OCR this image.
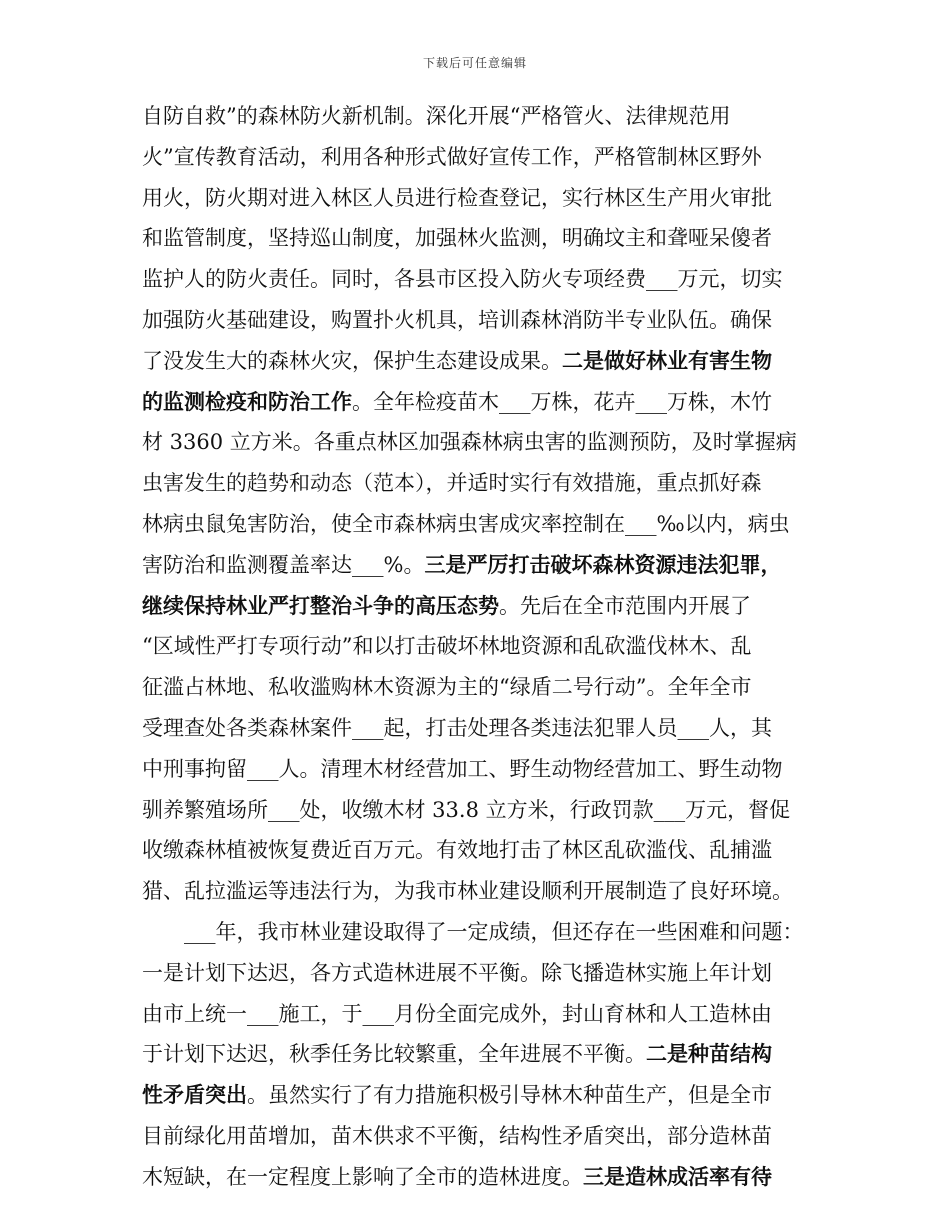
下载后可任意编辑
自防自救”的森林防火新机制。深化开展“严格管火、法律规范用
火”宣传教育活动，利用各种形式做好宣传工作，严格管制林区野外
用火，防火期对进入林区人员进行检查登记，实行林区生产用火审批
和监管制度，坚持巡山制度，加强林火监测，明确坟主和聋哑呆傻者
监护人的防火责任。同时，各县市区投入防火专项经费___万元，切实
加强防火基础建设，购置扑火机具，培训森林消防半专业队伍。确保
了没发生大的森林火灾，保护生态建设成果。二是做好林业有害生物
的监测检疫和防治工作。全年检疫苗木___万株，花卉___万株，木竹
材 3360 立方米。各重点林区加强森林病虫害的监测预防，及时掌握病
虫害发生的趋势和动态（范本），并适时实行有效措施，重点抓好森
林病虫鼠兔害防治，使全市森林病虫害成灾率控制在___‰以内，病虫
害防治和监测覆盖率达___%。三是严厉打击破坏森林资源违法犯罪，
继续保持林业严打整治斗争的高压态势。先后在全市范围内开展了
“区域性严打专项行动”和以打击破坏林地资源和乱砍滥伐林木、乱
征滥占林地、私收滥购林木资源为主的“绿盾二号行动”。全年全市
受理查处各类森林案件___起，打击处理各类违法犯罪人员___人，其
中刑事拘留___人。清理木材经营加工、野生动物经营加工、野生动物
驯养繁殖场所___处，收缴木材 33.8 立方米，行政罚款___万元，督促
收缴森林植被恢复费近百万元。有效地打击了林区乱砍滥伐、乱捕滥
猎、乱拉滥运等违法行为，为我市林业建设顺利开展制造了良好环境。
___年，我市林业建设取得了一定成绩，但还存在一些困难和问题：
一是计划下达迟，各方式造林进展不平衡。除飞播造林实施上年计划
由市上统一___施工，于___月份全面完成外，封山育林和人工造林由
于计划下达迟，秋季任务比较繁重，全年进展不平衡。二是种苗结构
性矛盾突出。虽然实行了有力措施积极引导林木种苗生产，但是全市
目前绿化用苗增加，苗木供求不平衡，结构性矛盾突出，部分造林苗
木短缺，在一定程度上影响了全市的造林进度。三是造林成活率有待
